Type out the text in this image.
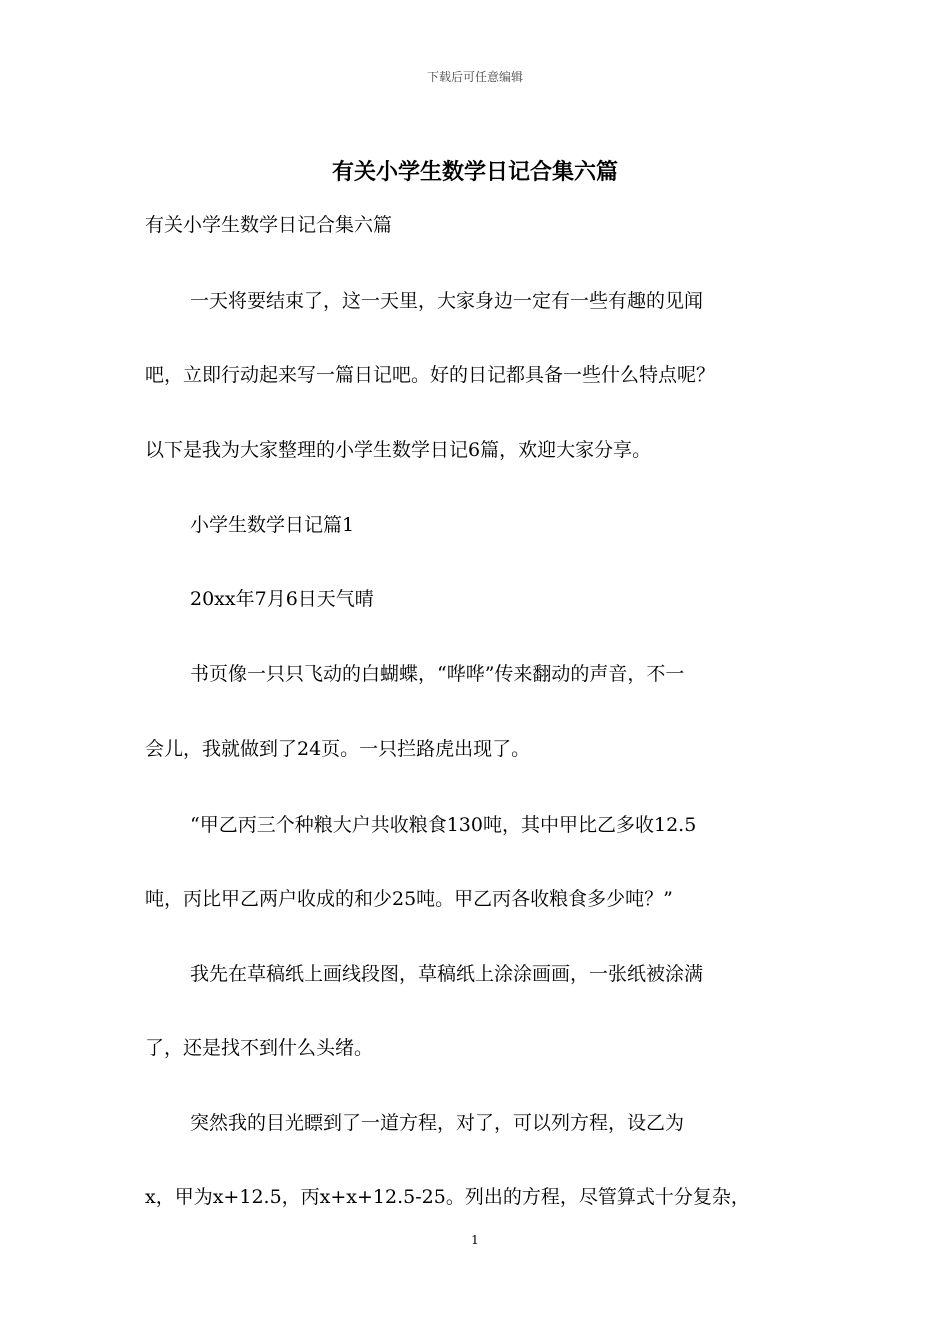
下载后可任意编辑
有关小学生数学日记合集六篇
有关小学生数学日记合集六篇
一天将要结束了，这一天里，大家身边一定有一些有趣的见闻
吧，立即行动起来写一篇日记吧。好的日记都具备一些什么特点呢？
以下是我为大家整理的小学生数学日记6篇，欢迎大家分享。
小学生数学日记篇1
20xx年7月6日天气晴
书页像一只只飞动的白蝴蝶，“哗哗”传来翻动的声音，不一
会儿，我就做到了24页。一只拦路虎出现了。
“甲乙丙三个种粮大户共收粮食130吨，其中甲比乙多收12.5
吨，丙比甲乙两户收成的和少25吨。甲乙丙各收粮食多少吨？”
我先在草稿纸上画线段图，草稿纸上涂涂画画，一张纸被涂满
了，还是找不到什么头绪。
突然我的目光瞟到了一道方程，对了，可以列方程，设乙为
x，甲为x+12.5，丙x+x+12.5-25。列出的方程，尽管算式十分复杂，
1
